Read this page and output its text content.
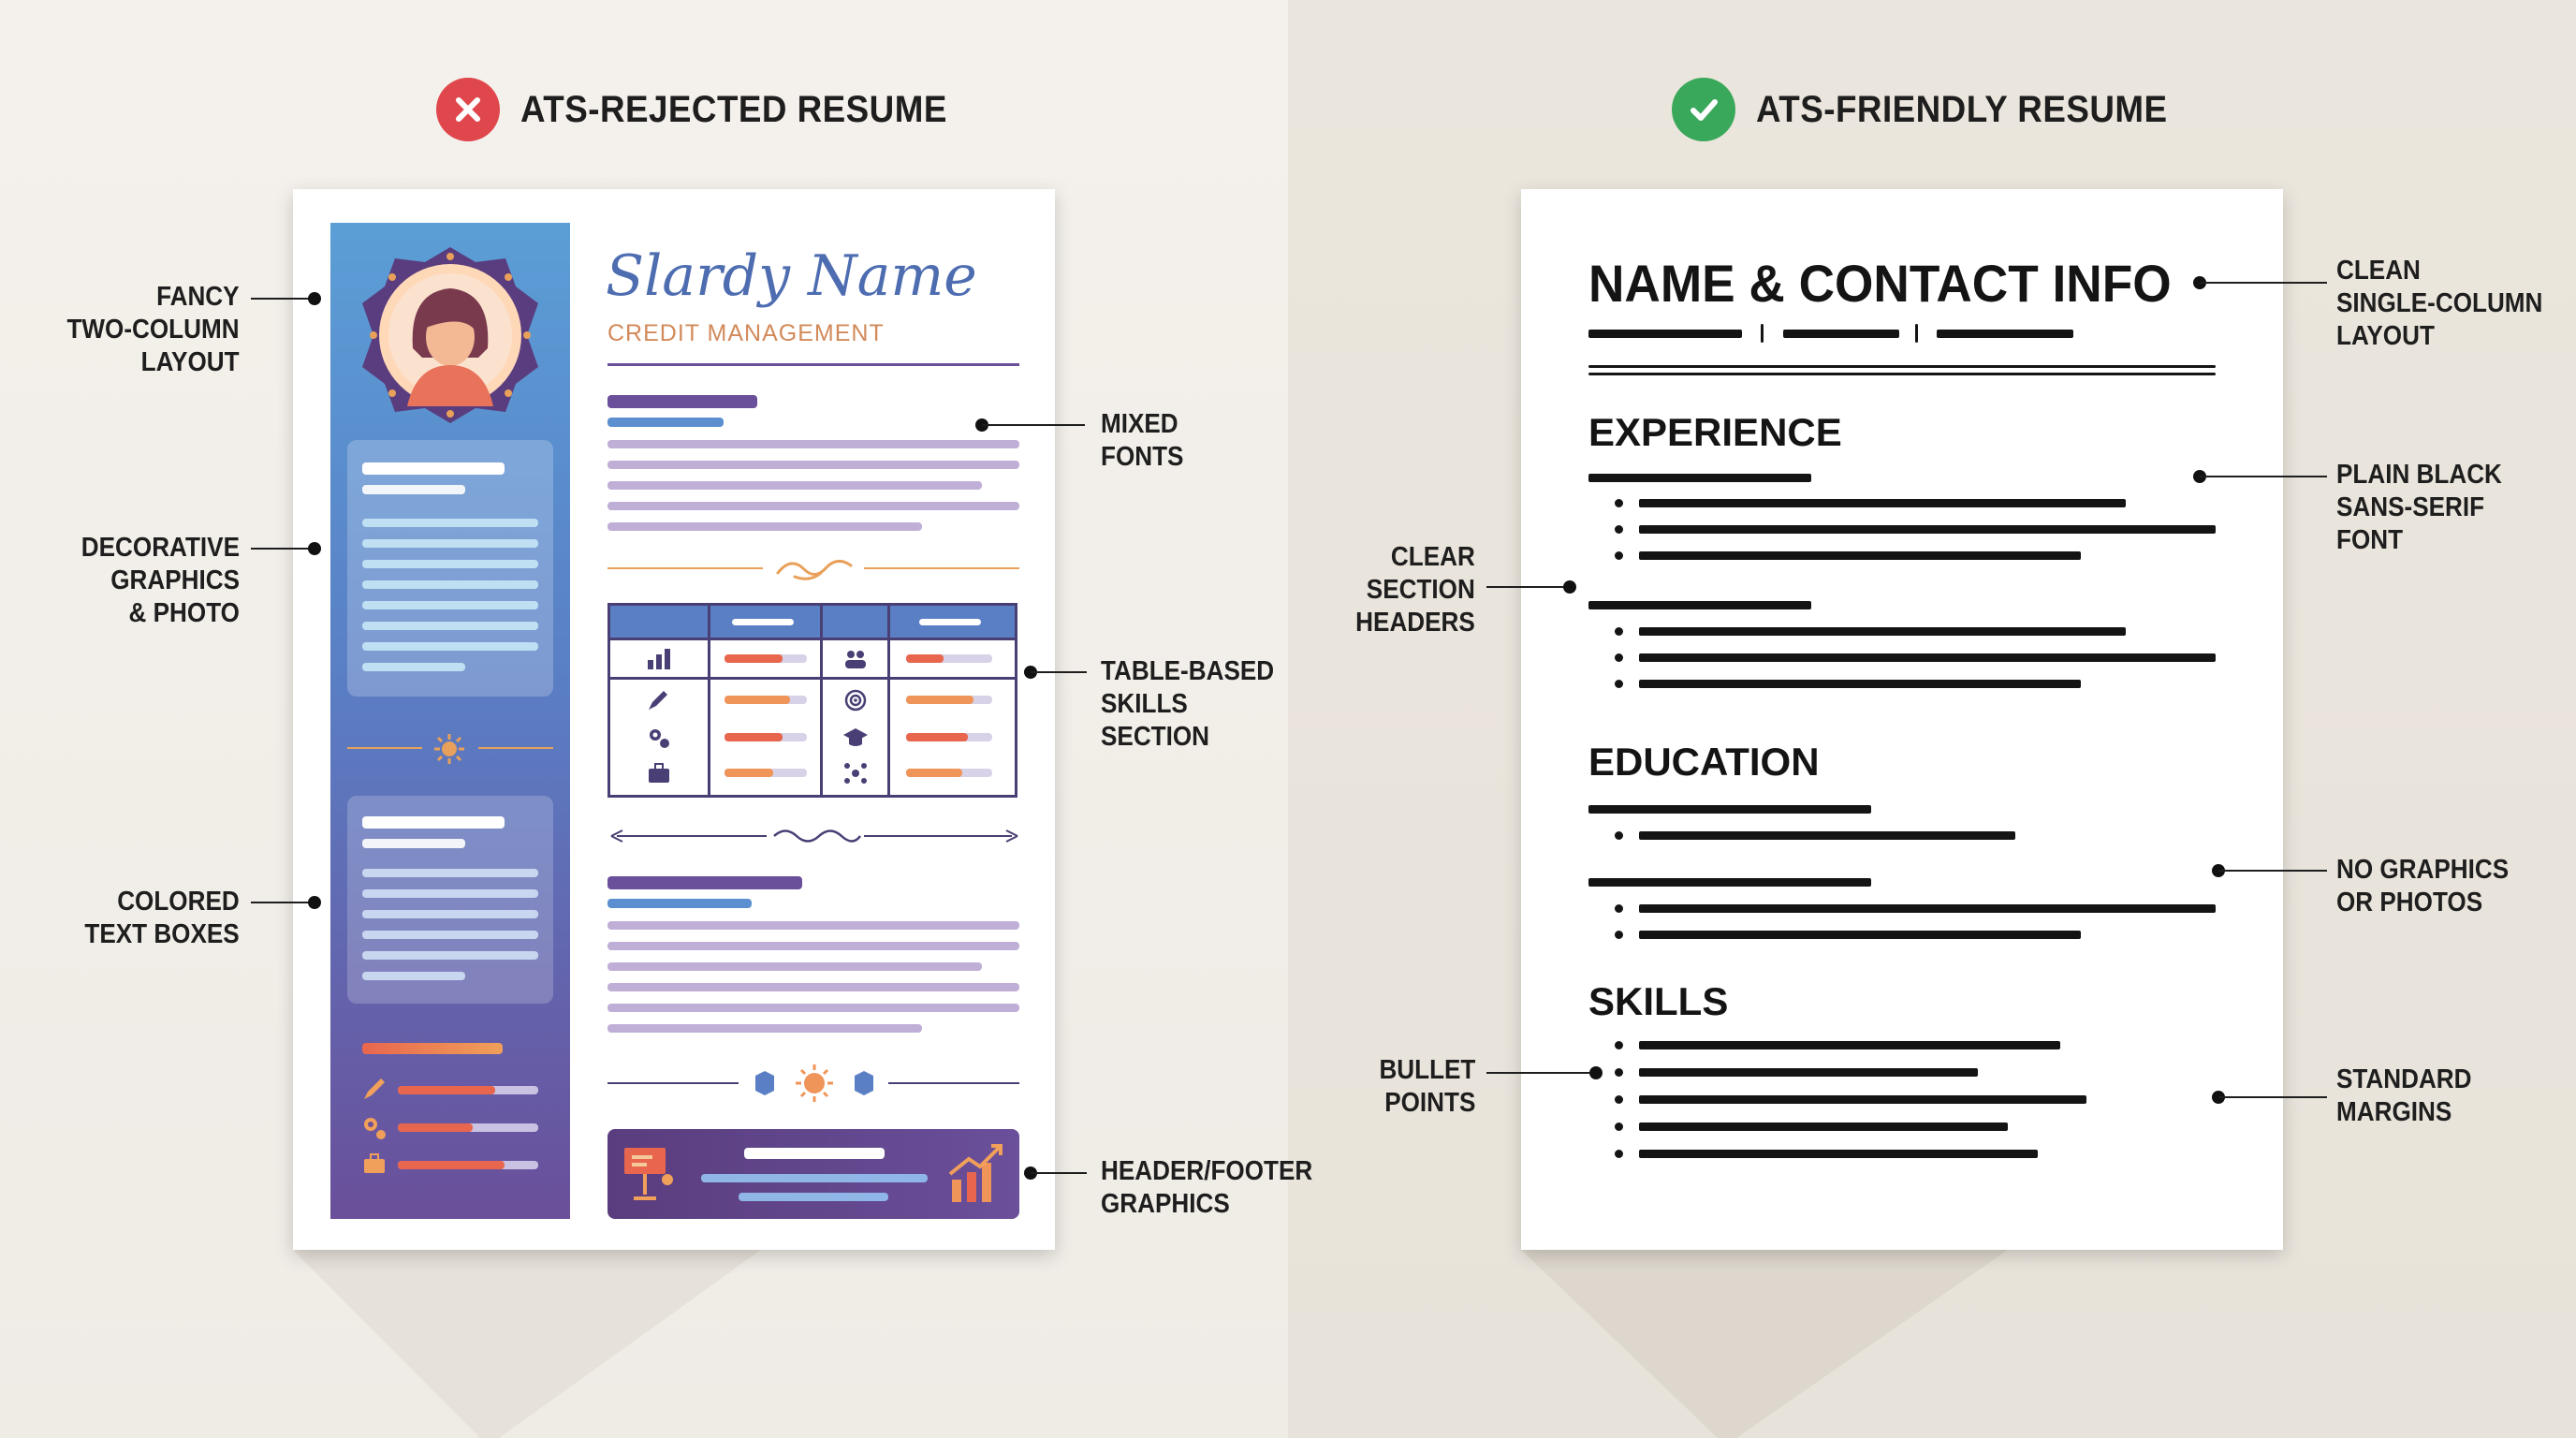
ATS-REJECTED RESUME	ATS-FRIENDLY RESUME
Slardy Name
CREDIT MANAGEMENT
FANCY
TWO-COLUMN
LAYOUT
DECORATIVE
GRAPHICS
& PHOTO
COLORED
TEXT BOXES
MIXED
FONTS
TABLE-BASED
SKILLS
SECTION
HEADER/FOOTER
GRAPHICS
NAME & CONTACT INFO
EXPERIENCE
EDUCATION
SKILLS
CLEAN
SINGLE-COLUMN
LAYOUT
PLAIN BLACK
SANS-SERIF
FONT
CLEAR
SECTION
HEADERS
NO GRAPHICS
OR PHOTOS
BULLET
POINTS
STANDARD
MARGINS
